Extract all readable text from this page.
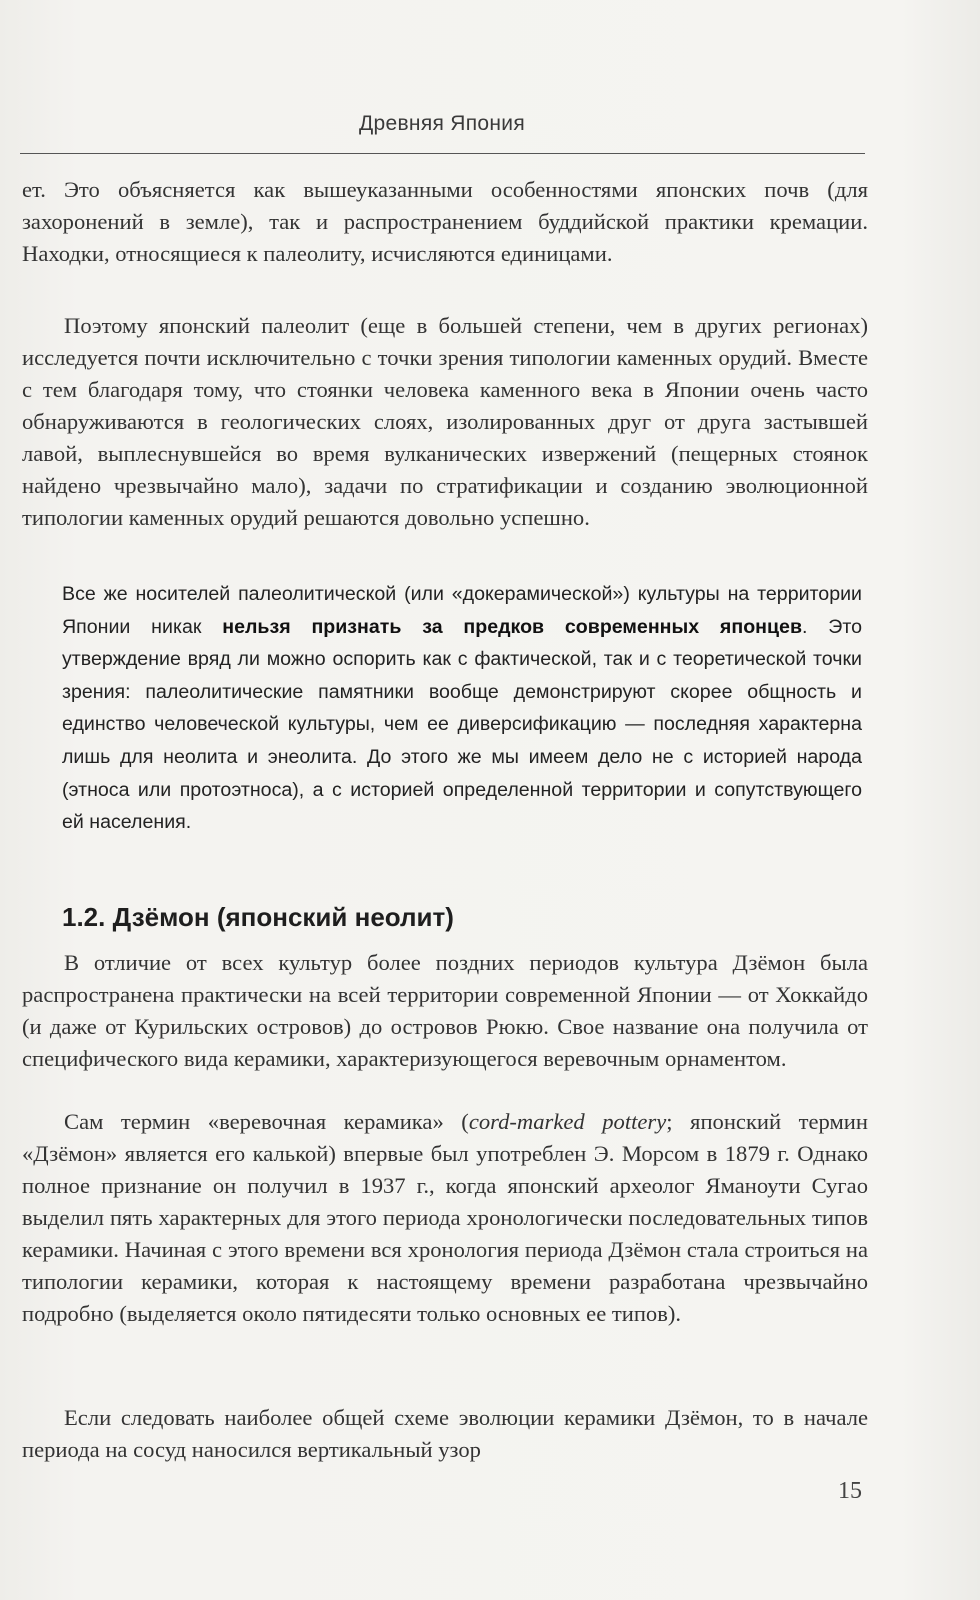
Древняя Япония

ет. Это объясняется как вышеуказанными особенностями японских почв (для захоронений в земле), так и распространением буддийской практики кремации. Находки, относящиеся к палеолиту, исчисляются единицами.

Поэтому японский палеолит (еще в большей степени, чем в других регионах) исследуется почти исключительно с точки зрения типологии каменных орудий. Вместе с тем благодаря тому, что стоянки человека каменного века в Японии очень часто обнаруживаются в геологических слоях, изолированных друг от друга застывшей лавой, выплеснувшейся во время вулканических извержений (пещерных стоянок найдено чрезвычайно мало), задачи по стратификации и созданию эволюционной типологии каменных орудий решаются довольно успешно.

Все же носителей палеолитической (или «докерамической») культуры на территории Японии никак нельзя признать за предков современных японцев. Это утверждение вряд ли можно оспорить как с фактической, так и с теоретической точки зрения: палеолитические памятники вообще демонстрируют скорее общность и единство человеческой культуры, чем ее диверсификацию — последняя характерна лишь для неолита и энеолита. До этого же мы имеем дело не с историей народа (этноса или протоэтноса), а с историей определенной территории и сопутствующего ей населения.

1.2. Дзёмон (японский неолит)

В отличие от всех культур более поздних периодов культура Дзёмон была распространена практически на всей территории современной Японии — от Хоккайдо (и даже от Курильских островов) до островов Рюкю. Свое название она получила от специфического вида керамики, характеризующегося веревочным орнаментом.

Сам термин «веревочная керамика» (cord-marked pottery; японский термин «Дзёмон» является его калькой) впервые был употреблен Э. Морсом в 1879 г. Однако полное признание он получил в 1937 г., когда японский археолог Яманоути Сугао выделил пять характерных для этого периода хронологически последовательных типов керамики. Начиная с этого времени вся хронология периода Дзёмон стала строиться на типологии керамики, которая к настоящему времени разработана чрезвычайно подробно (выделяется около пятидесяти только основных ее типов).

Если следовать наиболее общей схеме эволюции керамики Дзёмон, то в начале периода на сосуд наносился вертикальный узор

15
